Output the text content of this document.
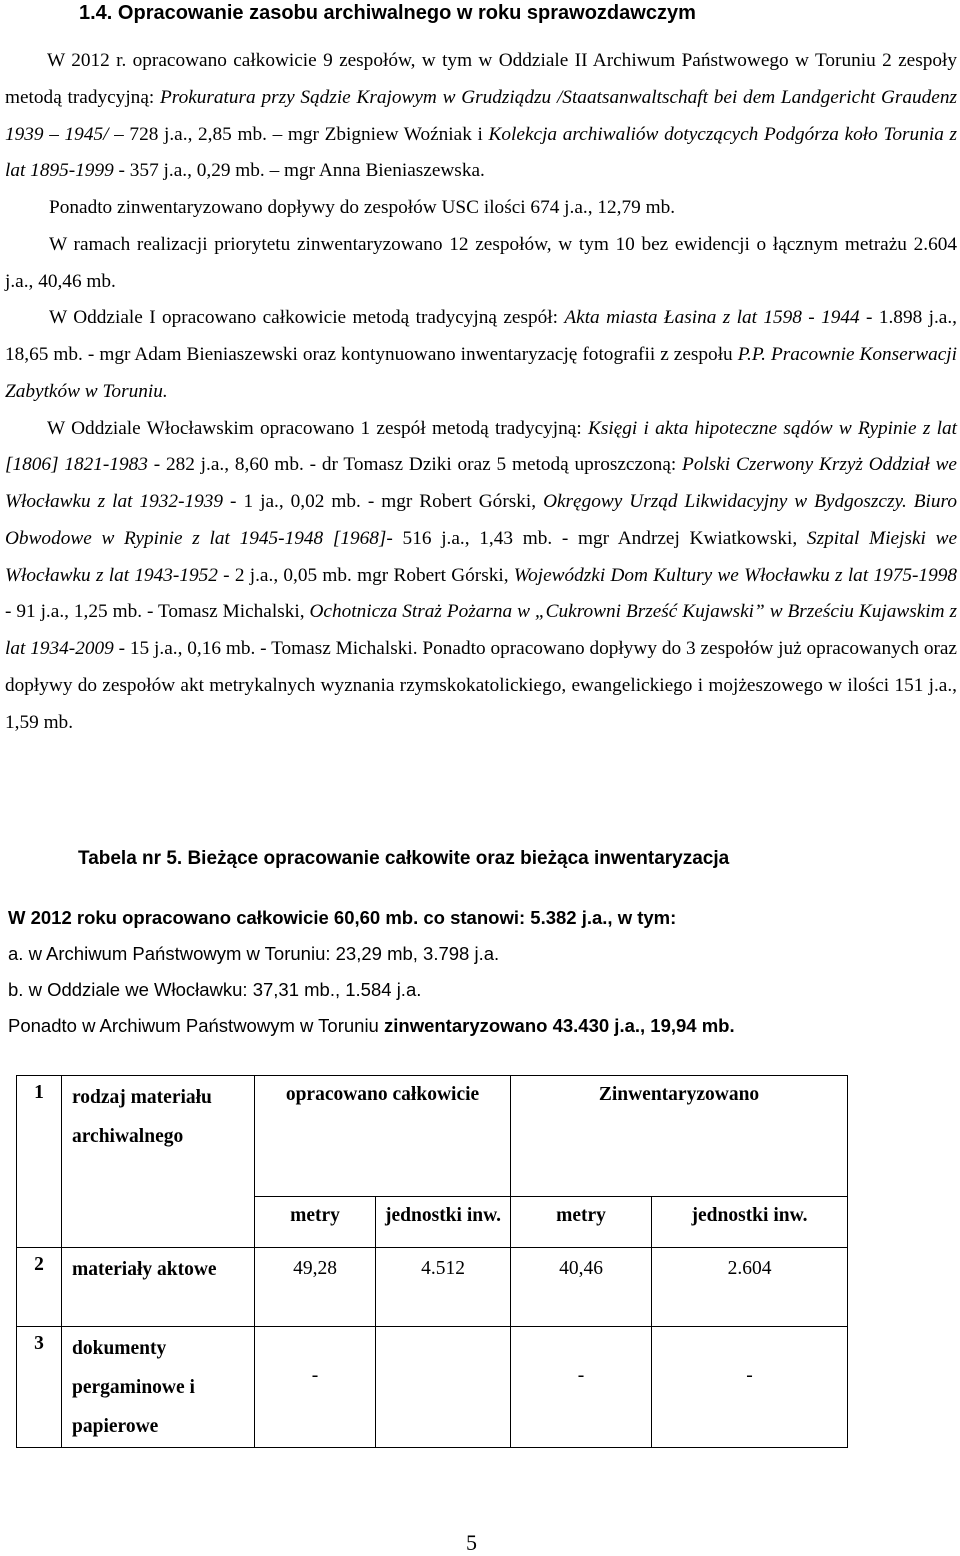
1.4. Opracowanie zasobu archiwalnego w roku sprawozdawczym

W 2012 r. opracowano całkowicie 9 zespołów, w tym w Oddziale II Archiwum Państwowego w Toruniu 2 zespoły metodą tradycyjną: Prokuratura przy Sądzie Krajowym w Grudziądzu /Staatsanwaltschaft bei dem Landgericht Graudenz 1939 – 1945/ – 728 j.a., 2,85 mb. – mgr Zbigniew Woźniak i Kolekcja archiwaliów dotyczących Podgórza koło Torunia z lat 1895-1999 - 357 j.a., 0,29 mb. – mgr Anna Bieniaszewska.

Ponadto zinwentaryzowano dopływy do zespołów USC ilości 674 j.a., 12,79 mb.

W ramach realizacji priorytetu zinwentaryzowano 12 zespołów, w tym 10 bez ewidencji o łącznym metrażu 2.604 j.a., 40,46 mb.

W Oddziale I opracowano całkowicie metodą tradycyjną zespół: Akta miasta Łasina z lat 1598 - 1944 - 1.898 j.a., 18,65 mb. - mgr Adam Bieniaszewski oraz kontynuowano inwentaryzację fotografii z zespołu P.P. Pracownie Konserwacji Zabytków w Toruniu.

W Oddziale Włocławskim opracowano 1 zespół metodą tradycyjną: Księgi i akta hipoteczne sądów w Rypinie z lat [1806] 1821-1983 - 282 j.a., 8,60 mb. - dr Tomasz Dziki oraz 5 metodą uproszczoną: Polski Czerwony Krzyż Oddział we Włocławku z lat 1932-1939 - 1 ja., 0,02 mb. - mgr Robert Górski, Okręgowy Urząd Likwidacyjny w Bydgoszczy. Biuro Obwodowe w Rypinie z lat 1945-1948 [1968]- 516 j.a., 1,43 mb. - mgr Andrzej Kwiatkowski, Szpital Miejski we Włocławku z lat 1943-1952 - 2 j.a., 0,05 mb. mgr Robert Górski, Wojewódzki Dom Kultury we Włocławku z lat 1975-1998 - 91 j.a., 1,25 mb. - Tomasz Michalski, Ochotnicza Straż Pożarna w „Cukrowni Brześć Kujawski” w Brześciu Kujawskim z lat 1934-2009 - 15 j.a., 0,16 mb. - Tomasz Michalski. Ponadto opracowano dopływy do 3 zespołów już opracowanych oraz dopływy do zespołów akt metrykalnych wyznania rzymskokatolickiego, ewangelickiego i mojżeszowego w ilości 151 j.a., 1,59 mb.

Tabela nr 5. Bieżące opracowanie całkowite oraz bieżąca inwentaryzacja
W 2012 roku opracowano całkowicie 60,60 mb. co stanowi: 5.382 j.a., w tym:
a. w Archiwum Państwowym w Toruniu: 23,29 mb, 3.798 j.a.
b. w Oddziale we Włocławku: 37,31 mb., 1.584 j.a.
Ponadto w Archiwum Państwowym w Toruniu zinwentaryzowano 43.430 j.a., 19,94 mb.
1	rodzaj materiału archiwalnego	opracowano całkowicie		Zinwentaryzowano	
		metry	jednostki inw.	metry	jednostki inw.
2	materiały aktowe	49,28	4.512	40,46	2.604
3	dokumenty pergaminowe i papierowe	-		-	-
5
